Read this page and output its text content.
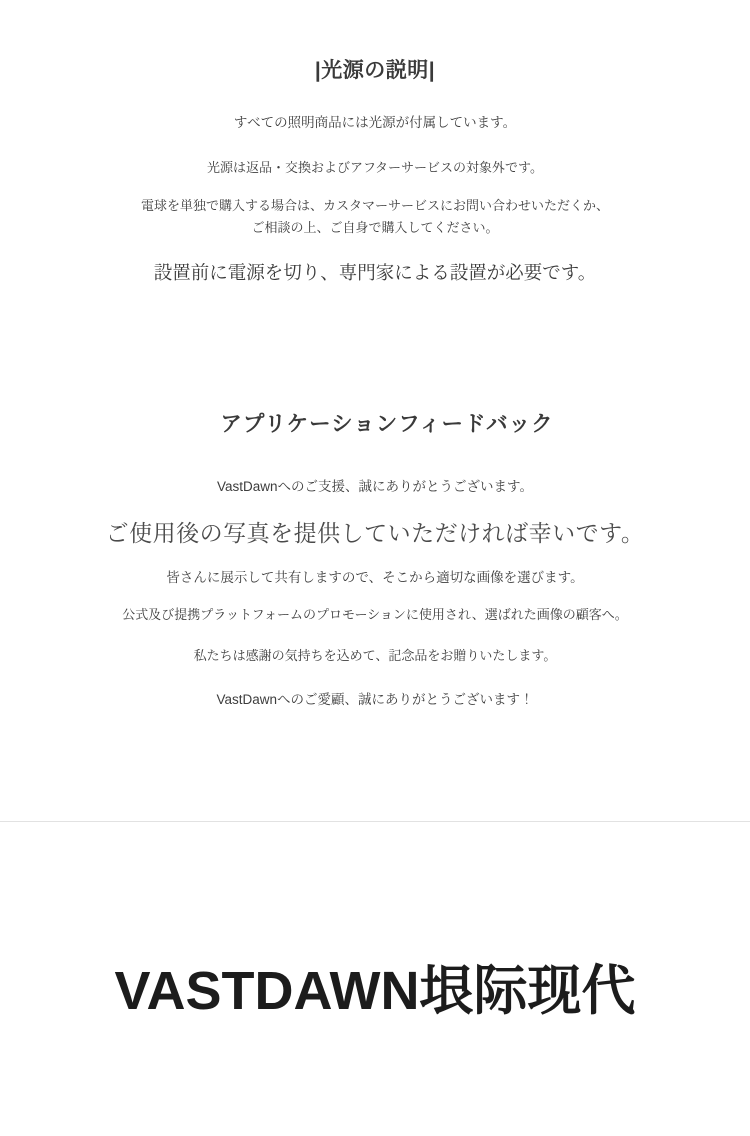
|光源の説明|
すべての照明商品には光源が付属しています。
光源は返品・交換およびアフターサービスの対象外です。
電球を単独で購入する場合は、カスタマーサービスにお問い合わせいただくか、ご相談の上、ご自身で購入してください。
設置前に電源を切り、専門家による設置が必要です。
アプリケーションフィードバック
VastDawnへのご支援、誠にありがとうございます。
ご使用後の写真を提供していただければ幸いです。
皆さんに展示して共有しますので、そこから適切な画像を選びます。
公式及び提携プラットフォームのプロモーションに使用され、選ばれた画像の顧客へ。
私たちは感謝の気持ちを込めて、記念品をお贈りいたします。
VastDawnへのご愛顧、誠にありがとうございます！
VASTDAWN垠际现代
